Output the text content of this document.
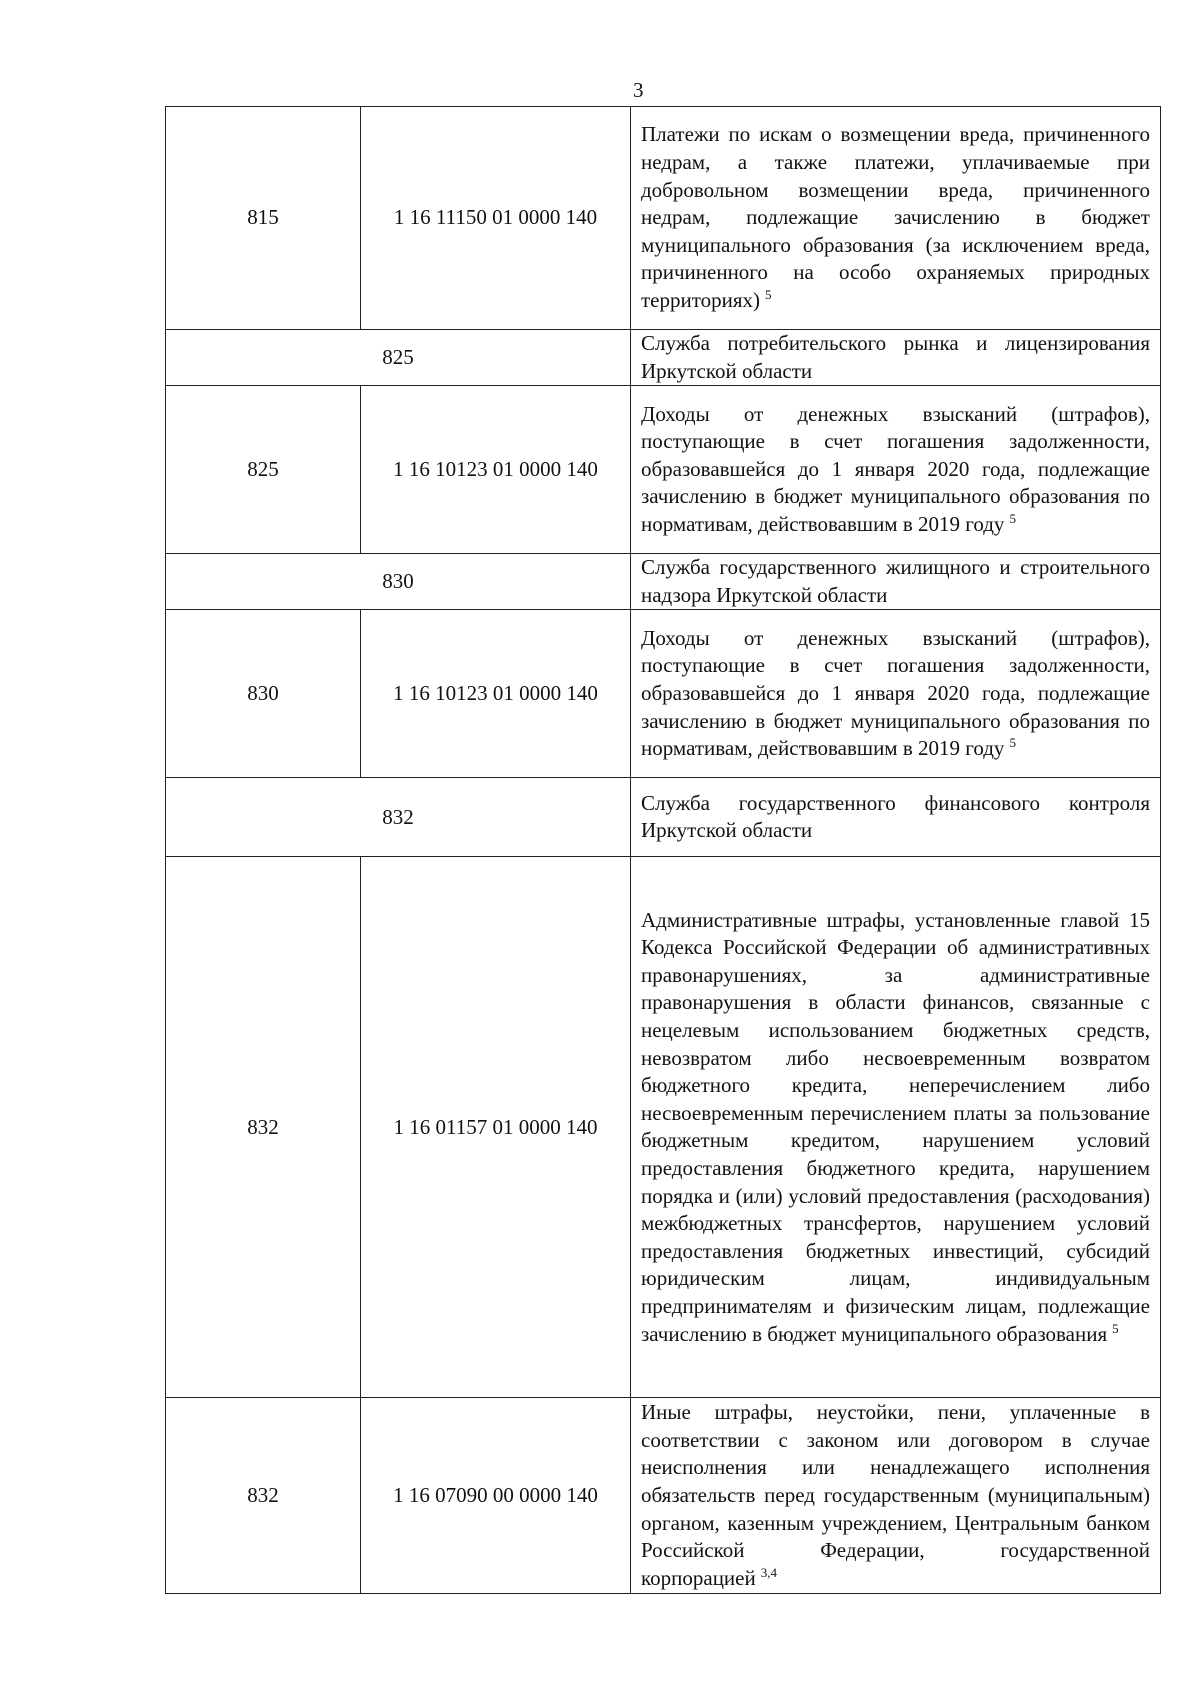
3
815	1 16 11150 01 0000 140	Платежи по искам о возмещении вреда, причиненного недрам, а также платежи, уплачиваемые при добровольном возмещении вреда, причиненного недрам, подлежащие зачислению в бюджет муниципального образования (за исключением вреда, причиненного на особо охраняемых природных территориях) $^5$
825		Служба потребительского рынка и лицензирования Иркутской области
825	1 16 10123 01 0000 140	Доходы от денежных взысканий (штрафов), поступающие в счет погашения задолженности, образовавшейся до 1 января 2020 года, подлежащие зачислению в бюджет муниципального образования по нормативам, действовавшим в 2019 году $^5$
830		Служба государственного жилищного и строительного надзора Иркутской области
830	1 16 10123 01 0000 140	Доходы от денежных взысканий (штрафов), поступающие в счет погашения задолженности, образовавшейся до 1 января 2020 года, подлежащие зачислению в бюджет муниципального образования по нормативам, действовавшим в 2019 году $^5$
832		Служба государственного финансового контроля Иркутской области
832	1 16 01157 01 0000 140	Административные штрафы, установленные главой 15 Кодекса Российской Федерации об административных правонарушениях, за административные правонарушения в области финансов, связанные с нецелевым использованием бюджетных средств, невозвратом либо несвоевременным возвратом бюджетного кредита, неперечислением либо несвоевременным перечислением платы за пользование бюджетным кредитом, нарушением условий предоставления бюджетного кредита, нарушением порядка и (или) условий предоставления (расходования) межбюджетных трансфертов, нарушением условий предоставления бюджетных инвестиций, субсидий юридическим лицам, индивидуальным предпринимателям и физическим лицам, подлежащие зачислению в бюджет муниципального образования $^5$
832	1 16 07090 00 0000 140	Иные штрафы, неустойки, пени, уплаченные в соответствии с законом или договором в случае неисполнения или ненадлежащего исполнения обязательств перед государственным (муниципальным) органом, казенным учреждением, Центральным банком Российской Федерации, государственной корпорацией $^{3,4}$
